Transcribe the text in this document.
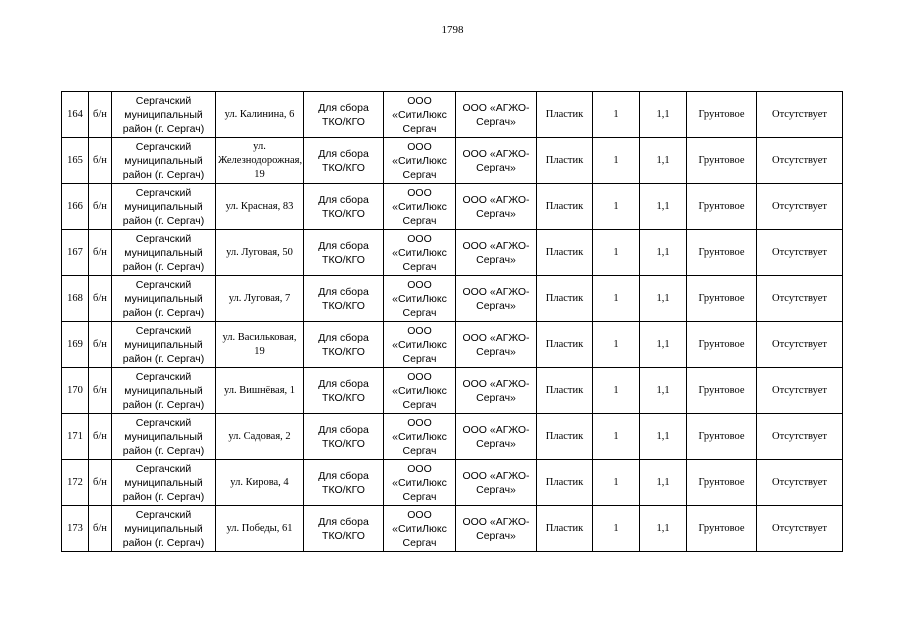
1798
164	б/н	Сергачский муниципальный район (г. Сергач)	ул. Калинина, 6	Для сбора ТКО/КГО	ООО «СитиЛюкс Сергач	ООО «АГЖО-Сергач»	Пластик	1	1,1	Грунтовое	Отсутствует
165	б/н	Сергачский муниципальный район (г. Сергач)	ул. Железнодорожная, 19	Для сбора ТКО/КГО	ООО «СитиЛюкс Сергач	ООО «АГЖО-Сергач»	Пластик	1	1,1	Грунтовое	Отсутствует
166	б/н	Сергачский муниципальный район (г. Сергач)	ул. Красная, 83	Для сбора ТКО/КГО	ООО «СитиЛюкс Сергач	ООО «АГЖО-Сергач»	Пластик	1	1,1	Грунтовое	Отсутствует
167	б/н	Сергачский муниципальный район (г. Сергач)	ул. Луговая, 50	Для сбора ТКО/КГО	ООО «СитиЛюкс Сергач	ООО «АГЖО-Сергач»	Пластик	1	1,1	Грунтовое	Отсутствует
168	б/н	Сергачский муниципальный район (г. Сергач)	ул. Луговая, 7	Для сбора ТКО/КГО	ООО «СитиЛюкс Сергач	ООО «АГЖО-Сергач»	Пластик	1	1,1	Грунтовое	Отсутствует
169	б/н	Сергачский муниципальный район (г. Сергач)	ул. Васильковая, 19	Для сбора ТКО/КГО	ООО «СитиЛюкс Сергач	ООО «АГЖО-Сергач»	Пластик	1	1,1	Грунтовое	Отсутствует
170	б/н	Сергачский муниципальный район (г. Сергач)	ул. Вишнёвая, 1	Для сбора ТКО/КГО	ООО «СитиЛюкс Сергач	ООО «АГЖО-Сергач»	Пластик	1	1,1	Грунтовое	Отсутствует
171	б/н	Сергачский муниципальный район (г. Сергач)	ул. Садовая, 2	Для сбора ТКО/КГО	ООО «СитиЛюкс Сергач	ООО «АГЖО-Сергач»	Пластик	1	1,1	Грунтовое	Отсутствует
172	б/н	Сергачский муниципальный район (г. Сергач)	ул. Кирова, 4	Для сбора ТКО/КГО	ООО «СитиЛюкс Сергач	ООО «АГЖО-Сергач»	Пластик	1	1,1	Грунтовое	Отсутствует
173	б/н	Сергачский муниципальный район (г. Сергач)	ул. Победы, 61	Для сбора ТКО/КГО	ООО «СитиЛюкс Сергач	ООО «АГЖО-Сергач»	Пластик	1	1,1	Грунтовое	Отсутствует
